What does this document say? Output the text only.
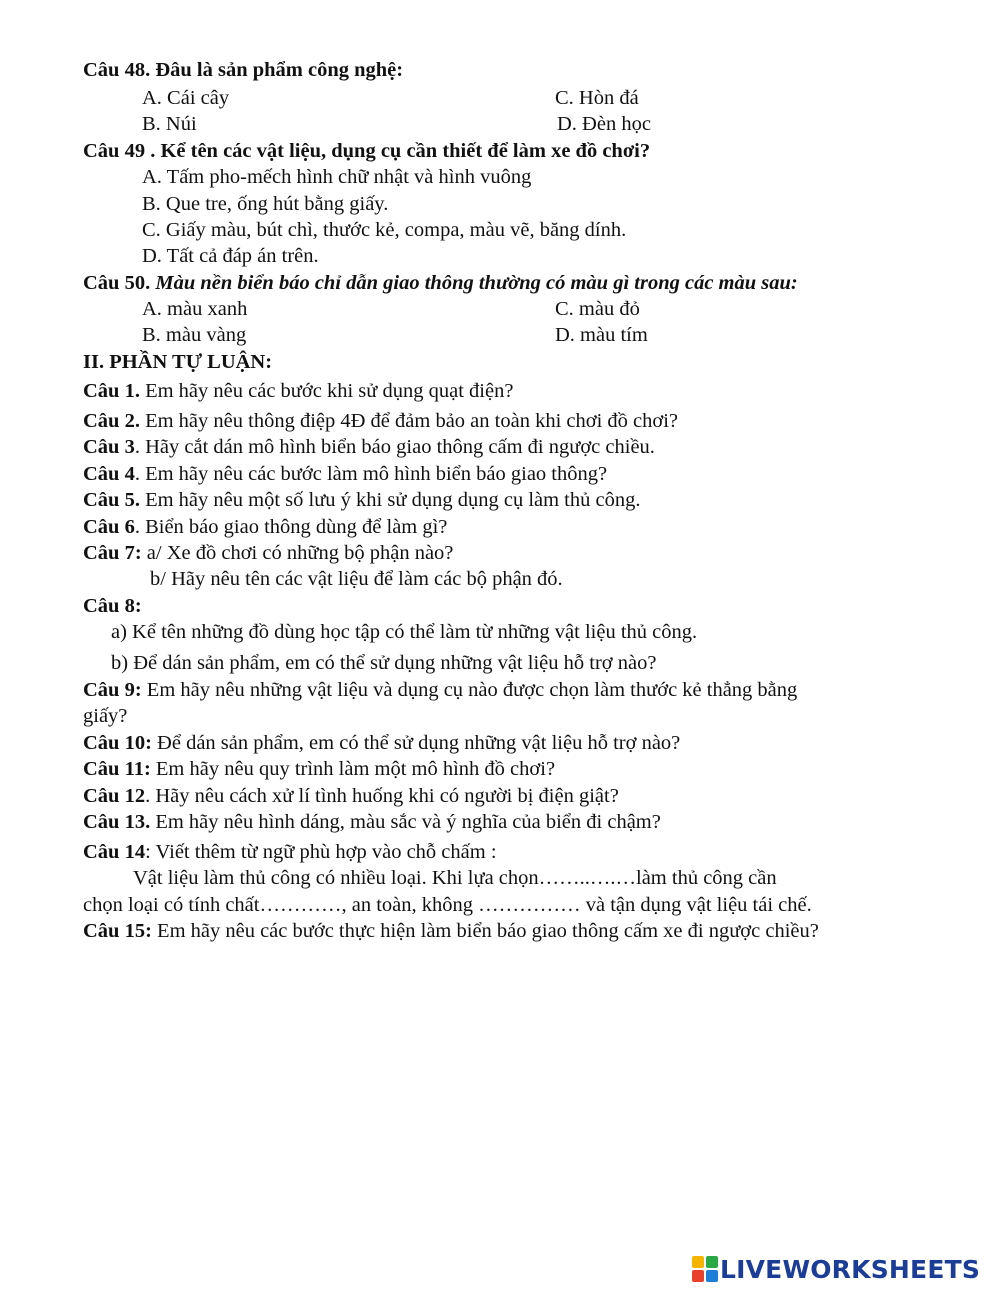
Câu 48. Đâu là sản phẩm công nghệ:
A. Cái cây	C. Hòn đá
B. Núi	D. Đèn học
Câu 49 . Kể tên các vật liệu, dụng cụ cần thiết để làm xe đồ chơi?
A. Tấm pho-mếch hình chữ nhật và hình vuông
B. Que tre, ống hút bằng giấy.
C. Giấy màu, bút chì, thước kẻ, compa, màu vẽ, băng dính.
D. Tất cả đáp án trên.
Câu 50. Màu nền biển báo chỉ dẫn giao thông thường có màu gì trong các màu sau:
A. màu xanh	C. màu đỏ
B. màu vàng	D. màu tím
II. PHẦN TỰ LUẬN:
Câu 1. Em hãy nêu các bước khi sử dụng quạt điện?
Câu 2. Em hãy nêu thông điệp 4Đ để đảm bảo an toàn khi chơi đồ chơi?
Câu 3. Hãy cắt dán mô hình biển báo giao thông cấm đi ngược chiều.
Câu 4. Em hãy nêu các bước làm mô hình biển báo giao thông?
Câu 5. Em hãy nêu một số lưu ý khi sử dụng dụng cụ làm thủ công.
Câu 6. Biển báo giao thông dùng để làm gì?
Câu 7: a/ Xe đồ chơi có những bộ phận nào?
b/ Hãy nêu tên các vật liệu để làm các bộ phận đó.
Câu 8:
a) Kể tên những đồ dùng học tập có thể làm từ những vật liệu thủ công.
b) Để dán sản phẩm, em có thể sử dụng những vật liệu hỗ trợ nào?
Câu 9: Em hãy nêu những vật liệu và dụng cụ nào được chọn làm thước kẻ thẳng bằng
giấy?
Câu 10: Để dán sản phẩm, em có thể sử dụng những vật liệu hỗ trợ nào?
Câu 11: Em hãy nêu quy trình làm một mô hình đồ chơi?
Câu 12. Hãy nêu cách xử lí tình huống khi có người bị điện giật?
Câu 13. Em hãy nêu hình dáng, màu sắc và ý nghĩa của biển đi chậm?
Câu 14: Viết thêm từ ngữ phù hợp vào chỗ chấm :
Vật liệu làm thủ công có nhiều loại. Khi lựa chọn……..….…làm thủ công cần
chọn loại có tính chất…………, an toàn, không …………… và tận dụng vật liệu tái chế.
Câu 15: Em hãy nêu các bước thực hiện làm biển báo giao thông cấm xe đi ngược chiều?
LIVEWORKSHEETS
